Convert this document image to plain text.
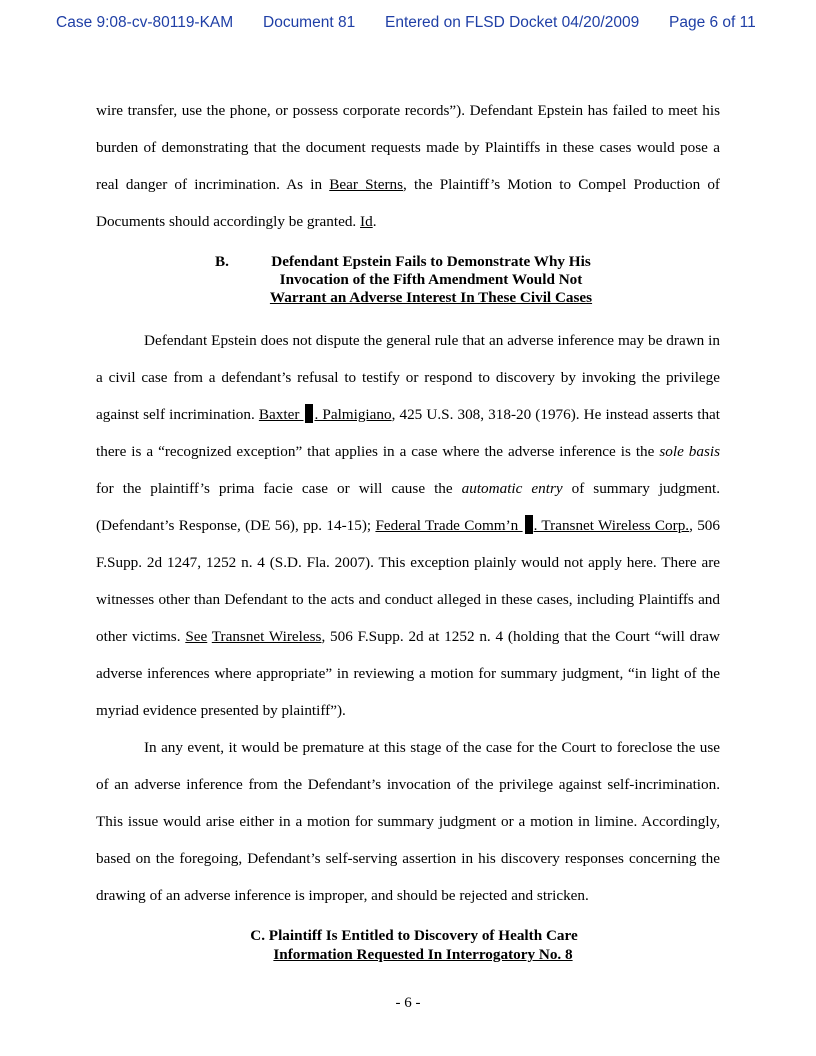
Case 9:08-cv-80119-KAM Document 81 Entered on FLSD Docket 04/20/2009 Page 6 of 11

wire transfer, use the phone, or possess corporate records”). Defendant Epstein has failed to meet his burden of demonstrating that the document requests made by Plaintiffs in these cases would pose a real danger of incrimination. As in Bear Sterns, the Plaintiff’s Motion to Compel Production of Documents should accordingly be granted. Id.

B.	Defendant Epstein Fails to Demonstrate Why His
Invocation of the Fifth Amendment Would Not
Warrant an Adverse Interest In These Civil Cases

Defendant Epstein does not dispute the general rule that an adverse inference may be drawn in a civil case from a defendant’s refusal to testify or respond to discovery by invoking the privilege against self incrimination. Baxter . Palmigiano, 425 U.S. 308, 318-20 (1976). He instead asserts that there is a “recognized exception” that applies in a case where the adverse inference is the sole basis for the plaintiff’s prima facie case or will cause the automatic entry of summary judgment. (Defendant’s Response, (DE 56), pp. 14-15); Federal Trade Comm’n . Transnet Wireless Corp., 506 F.Supp. 2d 1247, 1252 n. 4 (S.D. Fla. 2007). This exception plainly would not apply here. There are witnesses other than Defendant to the acts and conduct alleged in these cases, including Plaintiffs and other victims. See Transnet Wireless, 506 F.Supp. 2d at 1252 n. 4 (holding that the Court “will draw adverse inferences where appropriate” in reviewing a motion for summary judgment, “in light of the myriad evidence presented by plaintiff”).

In any event, it would be premature at this stage of the case for the Court to foreclose the use of an adverse inference from the Defendant’s invocation of the privilege against self-incrimination. This issue would arise either in a motion for summary judgment or a motion in limine. Accordingly, based on the foregoing, Defendant’s self-serving assertion in his discovery responses concerning the drawing of an adverse inference is improper, and should be rejected and stricken.

C. Plaintiff Is Entitled to Discovery of Health Care
Information Requested In Interrogatory No. 8
- 6 -
